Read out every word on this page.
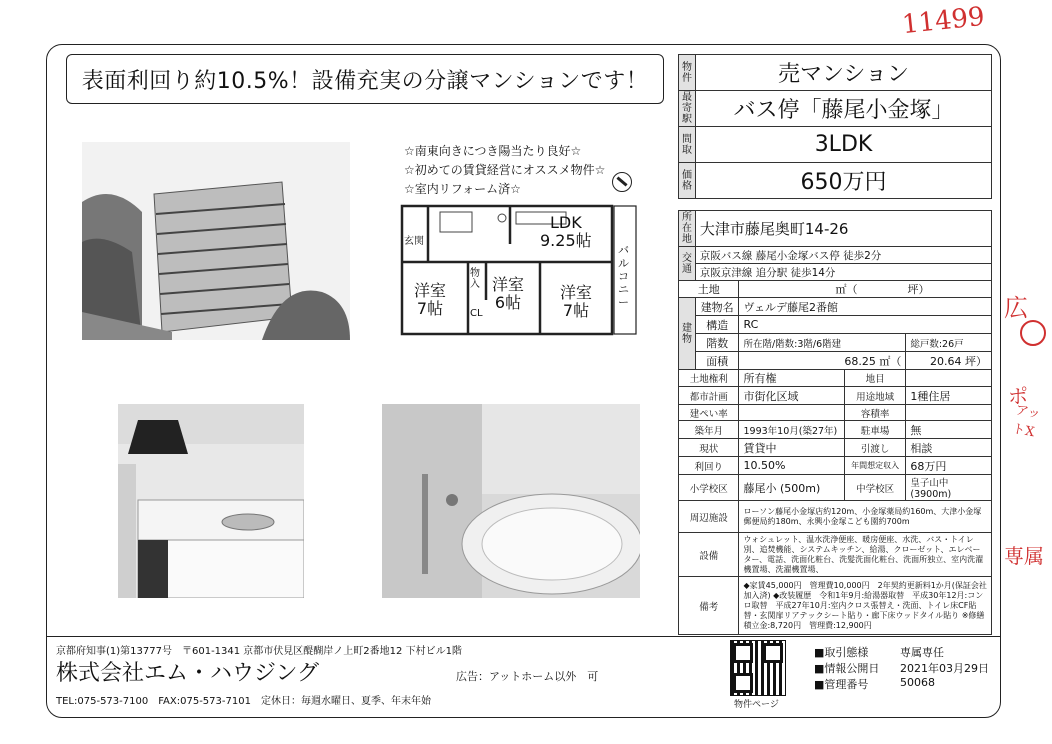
11499
広
ポ
アットX
専属
表面利回り約10.5%！設備充実の分譲マンションです！
☆南東向きにつき陽当たり良好☆
☆初めての賃貸経営にオススメ物件☆
☆室内リフォーム済☆
LDK
9.25帖
玄関
洋室
7帖
物入
CL
洋室
6帖
洋室
7帖
バルコニー
物件	売マンション
最寄駅	バス停「藤尾小金塚」
間取	3LDK
価格	650万円
所在地	大津市藤尾奥町14-26			
交通	京阪バス線 藤尾小金塚バス停 徒歩2分			
	京阪京津線 追分駅 徒歩14分			
土地		㎡（ 坪）		
建物	建物名	ヴェルデ藤尾2番館		
	構造	RC		
	階数	所在階/階数:3階/6階建		総戸数:26戸
	面積	68.25 ㎡（		20.64 坪）
土地権利		所有権	地目	
都市計画		市街化区域	用途地域	1種住居
建ぺい率			容積率	
築年月		1993年10月(築27年)	駐車場	無
現状		賃貸中	引渡し	相談
利回り		10.50%	年間想定収入	68万円
小学校区		藤尾小 (500m)	中学校区	皇子山中 (3900m)
周辺施設		ローソン藤尾小金塚店約120m、小金塚薬局約160m、大津小金塚郵便局約180m、永興小金塚こども園約700m		
設備		ウォシュレット、温水洗浄便座、暖房便座、水洗、バス・トイレ別、追焚機能、システムキッチン、給湯、クローゼット、エレベーター、電話、洗面化粧台、洗髪洗面化粧台、洗面所独立、室内洗濯機置場、洗濯機置場、		
備考		◆家賃45,000円　管理費10,000円　2年契約更新料1か月(保証会社加入済) ◆改装履歴　令和1年9月:給湯器取替　平成30年12月:コンロ取替　平成27年10月:室内クロス張替え・洗面、トイレ床CF貼替・玄関扉リアテックシート貼り・廊下床ウッドタイル貼り ※修繕積立金:8,720円　管理費:12,900円		
京都府知事(1)第13777号　〒601-1341 京都市伏見区醍醐岸ノ上町2番地12 下村ビル1階
株式会社エム・ハウジング
TEL:075-573-7100　FAX:075-573-7101　定休日：毎週水曜日、夏季、年末年始
広告：アットホーム以外　可
物件ページ
■取引態様	専属専任
■情報公開日 2021年03月29日
■管理番号	50068
